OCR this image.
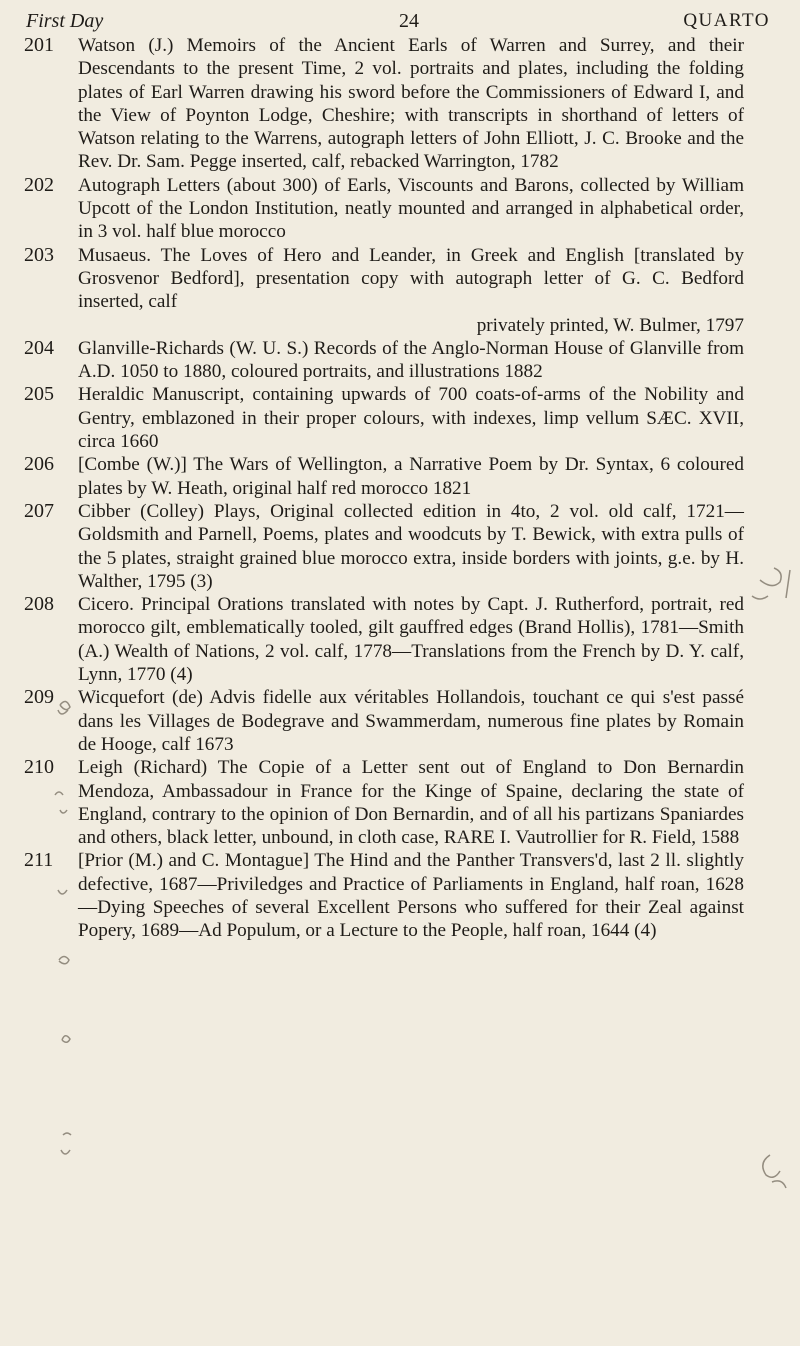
First Day	24	QUARTO

201	Watson (J.) Memoirs of the Ancient Earls of Warren and Surrey, and their Descendants to the present Time, 2 vol. portraits and plates, including the folding plates of Earl Warren drawing his sword before the Commissioners of Edward I, and the View of Poynton Lodge, Cheshire; with transcripts in shorthand of letters of Watson relating to the Warrens, autograph letters of John Elliott, J. C. Brooke and the Rev. Dr. Sam. Pegge inserted, calf, rebacked Warrington, 1782

202	Autograph Letters (about 300) of Earls, Viscounts and Barons, collected by William Upcott of the London Institution, neatly mounted and arranged in alphabetical order, in 3 vol. half blue morocco

203	Musaeus. The Loves of Hero and Leander, in Greek and English [translated by Grosvenor Bedford], presentation copy with autograph letter of G. C. Bedford inserted, calf
privately printed, W. Bulmer, 1797

204	Glanville-Richards (W. U. S.) Records of the Anglo-Norman House of Glanville from A.D. 1050 to 1880, coloured portraits, and illustrations 1882

205	Heraldic Manuscript, containing upwards of 700 coats-of-arms of the Nobility and Gentry, emblazoned in their proper colours, with indexes, limp vellum SÆC. XVII, circa 1660

206	[Combe (W.)] The Wars of Wellington, a Narrative Poem by Dr. Syntax, 6 coloured plates by W. Heath, original half red morocco 1821

207	Cibber (Colley) Plays, Original collected edition in 4to, 2 vol. old calf, 1721—Goldsmith and Parnell, Poems, plates and woodcuts by T. Bewick, with extra pulls of the 5 plates, straight grained blue morocco extra, inside borders with joints, g.e. by H. Walther, 1795 (3)

208	Cicero. Principal Orations translated with notes by Capt. J. Rutherford, portrait, red morocco gilt, emblematically tooled, gilt gauffred edges (Brand Hollis), 1781—Smith (A.) Wealth of Nations, 2 vol. calf, 1778—Translations from the French by D. Y. calf, Lynn, 1770 (4)

209	Wicquefort (de) Advis fidelle aux véritables Hollandois, touchant ce qui s'est passé dans les Villages de Bodegrave and Swammerdam, numerous fine plates by Romain de Hooge, calf 1673

210	Leigh (Richard) The Copie of a Letter sent out of England to Don Bernardin Mendoza, Ambassadour in France for the Kinge of Spaine, declaring the state of England, contrary to the opinion of Don Bernardin, and of all his partizans Spaniardes and others, black letter, unbound, in cloth case, RARE I. Vautrollier for R. Field, 1588

211	[Prior (M.) and C. Montague] The Hind and the Panther Transvers'd, last 2 ll. slightly defective, 1687—Priviledges and Practice of Parliaments in England, half roan, 1628—Dying Speeches of several Excellent Persons who suffered for their Zeal against Popery, 1689—Ad Populum, or a Lecture to the People, half roan, 1644 (4)
